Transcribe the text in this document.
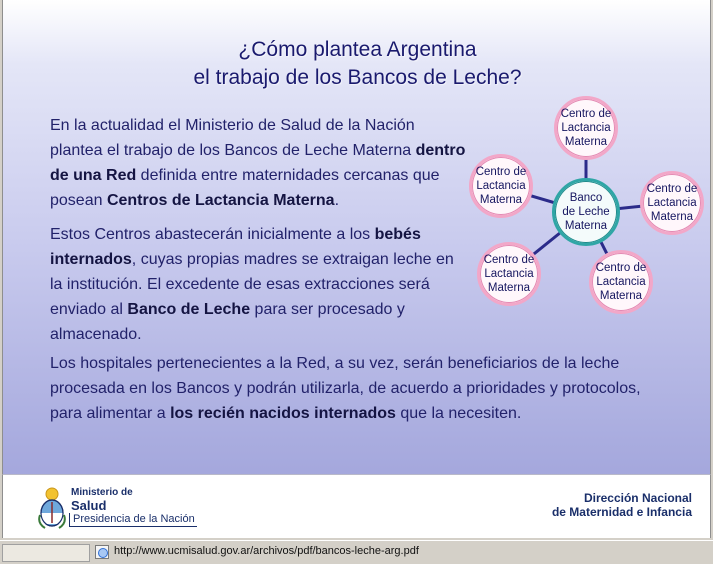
¿Cómo plantea Argentina
el trabajo de los Bancos de Leche?
En la actualidad el Ministerio de Salud de la Nación plantea el trabajo de los Bancos de Leche Materna dentro de una Red definida entre maternidades cercanas que posean Centros de Lactancia Materna.
Estos Centros abastecerán inicialmente a los bebés internados, cuyas propias madres se extraigan leche en la institución. El excedente de esas extracciones será enviado al Banco de Leche para ser procesado y almacenado.
Los hospitales pertenecientes a la Red, a su vez, serán beneficiarios de la leche procesada en los Bancos y podrán utilizarla, de acuerdo a prioridades y protocolos, para alimentar a los recién nacidos internados que la necesiten.
Centro de
Lactancia
Materna
Centro de
Lactancia
Materna
Centro de
Lactancia
Materna
Centro de
Lactancia
Materna
Centro de
Lactancia
Materna	Banco
de Leche
Materna
Ministerio de
Salud
Presidencia de la Nación
Dirección Nacional
de Maternidad e Infancia
http://www.ucmisalud.gov.ar/archivos/pdf/bancos-leche-arg.pdf
